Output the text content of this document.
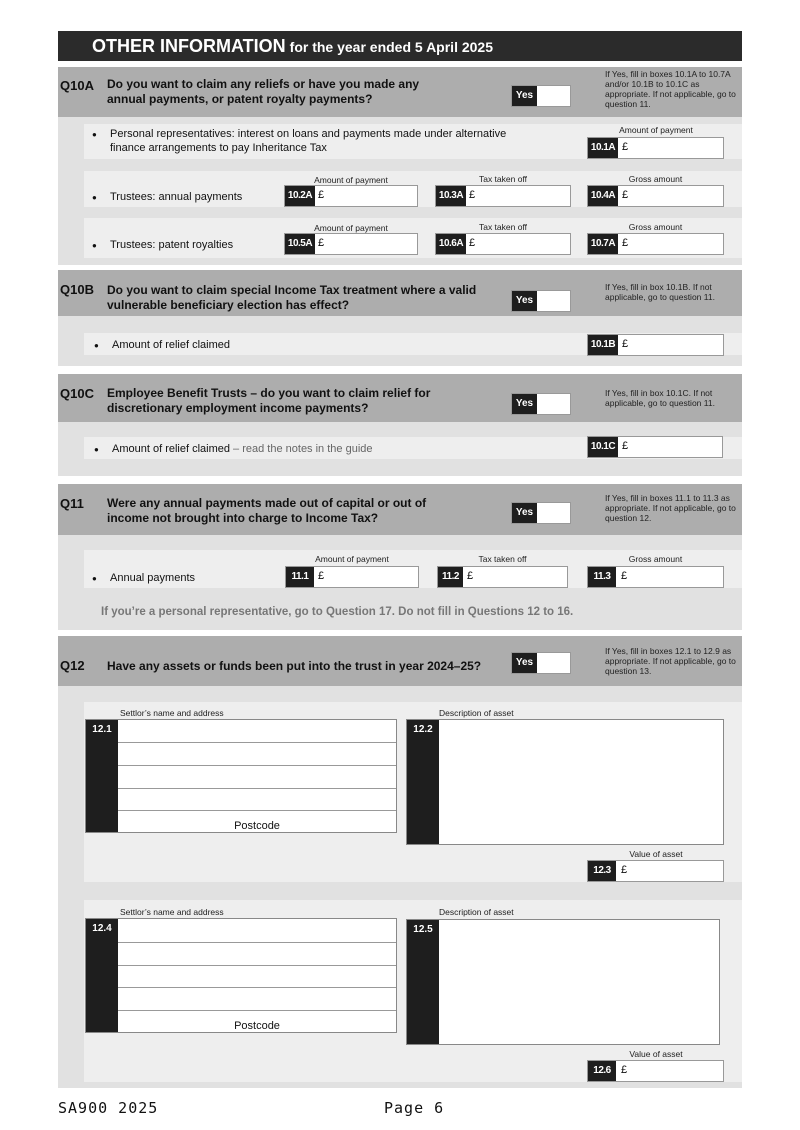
OTHER INFORMATION for the year ended 5 April 2025
Q10A Do you want to claim any reliefs or have you made any annual payments, or patent royalty payments?	Yes
If Yes, fill in boxes 10.1A to 10.7A and/or 10.1B to 10.1C as appropriate. If not applicable, go to question 11.
● Personal representatives: interest on loans and payments made under alternative finance arrangements to pay Inheritance Tax
Amount of payment
10.1A £
● Trustees: annual payments
Amount of payment
10.2A £
Tax taken off
10.3A £
Gross amount
10.4A £
● Trustees: patent royalties
Amount of payment
10.5A £
Tax taken off
10.6A £
Gross amount
10.7A £
Q10B Do you want to claim special Income Tax treatment where a valid vulnerable beneficiary election has effect?	Yes
If Yes, fill in box 10.1B. If not applicable, go to question 11.
● Amount of relief claimed	10.1B £
Q10C Employee Benefit Trusts – do you want to claim relief for discretionary employment income payments?	Yes
If Yes, fill in box 10.1C. If not applicable, go to question 11.
● Amount of relief claimed – read the notes in the guide	10.1C £
Q11 Were any annual payments made out of capital or out of income not brought into charge to Income Tax?	Yes
If Yes, fill in boxes 11.1 to 11.3 as appropriate. If not applicable, go to question 12.
● Annual payments
Amount of payment
11.1 £
Tax taken off
11.2 £
Gross amount
11.3 £
If you’re a personal representative, go to Question 17. Do not fill in Questions 12 to 16.
Q12 Have any assets or funds been put into the trust in year 2024–25?	Yes
If Yes, fill in boxes 12.1 to 12.9 as appropriate. If not applicable, go to question 13.
Settlor’s name and address
12.1
Postcode
Description of asset
12.2
Value of asset
12.3 £
Settlor’s name and address
12.4
Postcode
Description of asset
12.5
Value of asset
12.6 £
SA900 2025	Page 6
